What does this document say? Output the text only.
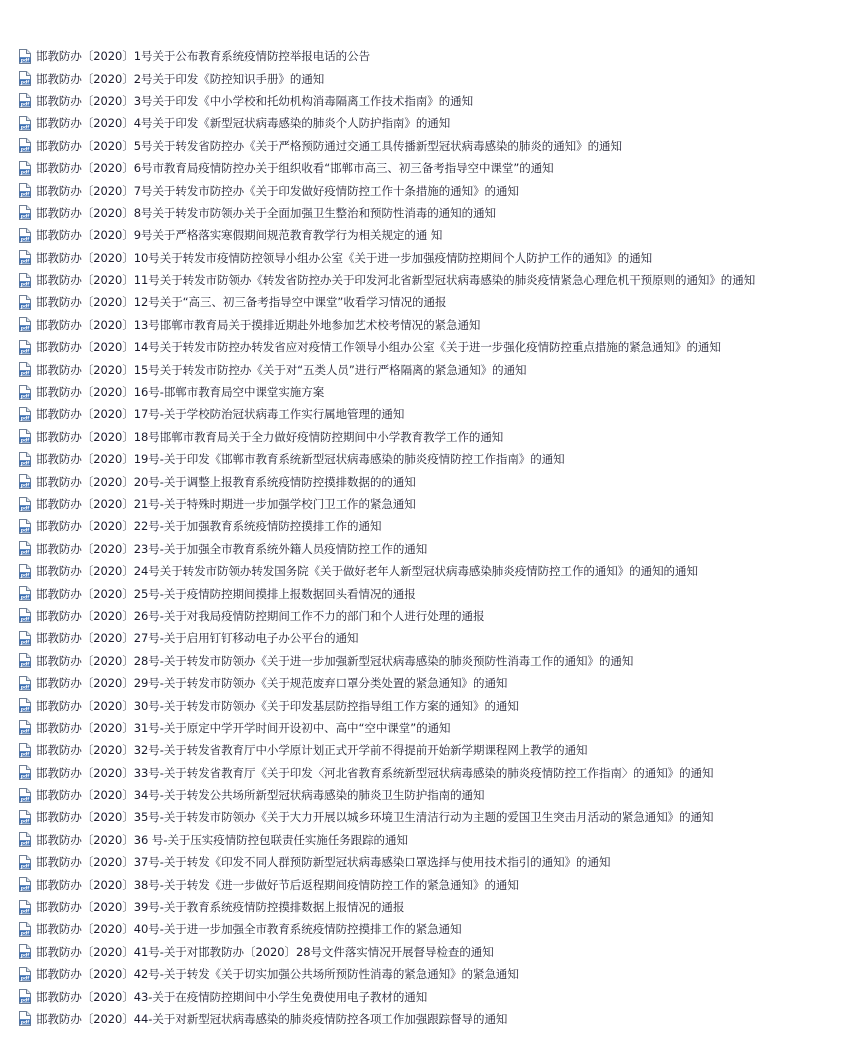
pdf 邯教防办〔2020〕1号关于公布教育系统疫情防控举报电话的公告
pdf 邯教防办〔2020〕2号关于印发《防控知识手册》的通知
pdf 邯教防办〔2020〕3号关于印发《中小学校和托幼机构消毒隔离工作技术指南》的通知
pdf 邯教防办〔2020〕4号关于印发《新型冠状病毒感染的肺炎个人防护指南》的通知
pdf 邯教防办〔2020〕5号关于转发省防控办《关于严格预防通过交通工具传播新型冠状病毒感染的肺炎的通知》的通知
pdf 邯教防办〔2020〕6号市教育局疫情防控办关于组织收看“邯郸市高三、初三备考指导空中课堂”的通知
pdf 邯教防办〔2020〕7号关于转发市防控办《关于印发做好疫情防控工作十条措施的通知》的通知
pdf 邯教防办〔2020〕8号关于转发市防领办关于全面加强卫生整治和预防性消毒的通知的通知
pdf 邯教防办〔2020〕9号关于严格落实寒假期间规范教育教学行为相关规定的通 知
pdf 邯教防办〔2020〕10号关于转发市疫情防控领导小组办公室《关于进一步加强疫情防控期间个人防护工作的通知》的通知
pdf 邯教防办〔2020〕11号关于转发市防领办《转发省防控办关于印发河北省新型冠状病毒感染的肺炎疫情紧急心理危机干预原则的通知》的通知
pdf 邯教防办〔2020〕12号关于“高三、初三备考指导空中课堂”收看学习情况的通报
pdf 邯教防办〔2020〕13号邯郸市教育局关于摸排近期赴外地参加艺术校考情况的紧急通知
pdf 邯教防办〔2020〕14号关于转发市防控办转发省应对疫情工作领导小组办公室《关于进一步强化疫情防控重点措施的紧急通知》的通知
pdf 邯教防办〔2020〕15号关于转发市防控办《关于对“五类人员”进行严格隔离的紧急通知》的通知
pdf 邯教防办〔2020〕16号-邯郸市教育局空中课堂实施方案
pdf 邯教防办〔2020〕17号-关于学校防治冠状病毒工作实行属地管理的通知
pdf 邯教防办〔2020〕18号邯郸市教育局关于全力做好疫情防控期间中小学教育教学工作的通知
pdf 邯教防办〔2020〕19号-关于印发《邯郸市教育系统新型冠状病毒感染的肺炎疫情防控工作指南》的通知
pdf 邯教防办〔2020〕20号-关于调整上报教育系统疫情防控摸排数据的的通知
pdf 邯教防办〔2020〕21号-关于特殊时期进一步加强学校门卫工作的紧急通知
pdf 邯教防办〔2020〕22号-关于加强教育系统疫情防控摸排工作的通知
pdf 邯教防办〔2020〕23号-关于加强全市教育系统外籍人员疫情防控工作的通知
pdf 邯教防办〔2020〕24号关于转发市防领办转发国务院《关于做好老年人新型冠状病毒感染肺炎疫情防控工作的通知》的通知的通知
pdf 邯教防办〔2020〕25号-关于疫情防控期间摸排上报数据回头看情况的通报
pdf 邯教防办〔2020〕26号-关于对我局疫情防控期间工作不力的部门和个人进行处理的通报
pdf 邯教防办〔2020〕27号-关于启用钉钉移动电子办公平台的通知
pdf 邯教防办〔2020〕28号-关于转发市防领办《关于进一步加强新型冠状病毒感染的肺炎预防性消毒工作的通知》的通知
pdf 邯教防办〔2020〕29号-关于转发市防领办《关于规范废弃口罩分类处置的紧急通知》的通知
pdf 邯教防办〔2020〕30号-关于转发市防领办《关于印发基层防控指导组工作方案的通知》的通知
pdf 邯教防办〔2020〕31号-关于原定中学开学时间开设初中、高中“空中课堂”的通知
pdf 邯教防办〔2020〕32号-关于转发省教育厅中小学原计划正式开学前不得提前开始新学期课程网上教学的通知
pdf 邯教防办〔2020〕33号-关于转发省教育厅《关于印发〈河北省教育系统新型冠状病毒感染的肺炎疫情防控工作指南〉的通知》的通知
pdf 邯教防办〔2020〕34号-关于转发公共场所新型冠状病毒感染的肺炎卫生防护指南的通知
pdf 邯教防办〔2020〕35号-关于转发市防领办《关于大力开展以城乡环境卫生清洁行动为主题的爱国卫生突击月活动的紧急通知》的通知
pdf 邯教防办〔2020〕36 号-关于压实疫情防控包联责任实施任务跟踪的通知
pdf 邯教防办〔2020〕37号-关于转发《印发不同人群预防新型冠状病毒感染口罩选择与使用技术指引的通知》的通知
pdf 邯教防办〔2020〕38号-关于转发《进一步做好节后返程期间疫情防控工作的紧急通知》的通知
pdf 邯教防办〔2020〕39号-关于教育系统疫情防控摸排数据上报情况的通报
pdf 邯教防办〔2020〕40号-关于进一步加强全市教育系统疫情防控摸排工作的紧急通知
pdf 邯教防办〔2020〕41号-关于对邯教防办〔2020〕28号文件落实情况开展督导检查的通知
pdf 邯教防办〔2020〕42号-关于转发《关于切实加强公共场所预防性消毒的紧急通知》的紧急通知
pdf 邯教防办〔2020〕43-关于在疫情防控期间中小学生免费使用电子教材的通知
pdf 邯教防办〔2020〕44-关于对新型冠状病毒感染的肺炎疫情防控各项工作加强跟踪督导的通知
